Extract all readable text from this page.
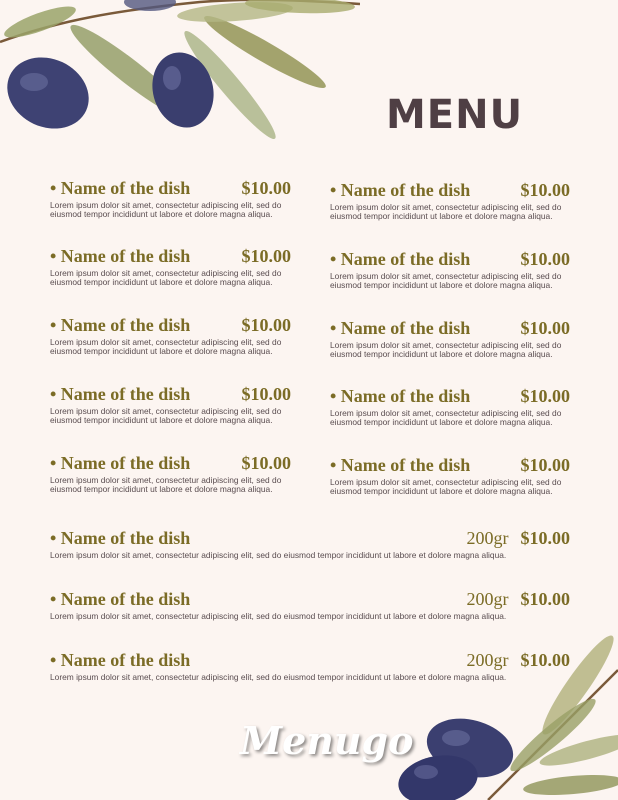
MENU
• Name of the dish	$10.00
Lorem ipsum dolor sit amet, consectetur adipiscing elit, sed do eiusmod tempor incididunt ut labore et dolore magna aliqua.
• Name of the dish	$10.00
Lorem ipsum dolor sit amet, consectetur adipiscing elit, sed do eiusmod tempor incididunt ut labore et dolore magna aliqua.
• Name of the dish	$10.00
Lorem ipsum dolor sit amet, consectetur adipiscing elit, sed do eiusmod tempor incididunt ut labore et dolore magna aliqua.
• Name of the dish	$10.00
Lorem ipsum dolor sit amet, consectetur adipiscing elit, sed do eiusmod tempor incididunt ut labore et dolore magna aliqua.
• Name of the dish	$10.00
Lorem ipsum dolor sit amet, consectetur adipiscing elit, sed do eiusmod tempor incididunt ut labore et dolore magna aliqua.
• Name of the dish	$10.00
Lorem ipsum dolor sit amet, consectetur adipiscing elit, sed do eiusmod tempor incididunt ut labore et dolore magna aliqua.
• Name of the dish	$10.00
Lorem ipsum dolor sit amet, consectetur adipiscing elit, sed do eiusmod tempor incididunt ut labore et dolore magna aliqua.
• Name of the dish	$10.00
Lorem ipsum dolor sit amet, consectetur adipiscing elit, sed do eiusmod tempor incididunt ut labore et dolore magna aliqua.
• Name of the dish	$10.00
Lorem ipsum dolor sit amet, consectetur adipiscing elit, sed do eiusmod tempor incididunt ut labore et dolore magna aliqua.
• Name of the dish	$10.00
Lorem ipsum dolor sit amet, consectetur adipiscing elit, sed do eiusmod tempor incididunt ut labore et dolore magna aliqua.
• Name of the dish	200gr $10.00
Lorem ipsum dolor sit amet, consectetur adipiscing elit, sed do eiusmod tempor incididunt ut labore et dolore magna aliqua.
• Name of the dish	200gr $10.00
Lorem ipsum dolor sit amet, consectetur adipiscing elit, sed do eiusmod tempor incididunt ut labore et dolore magna aliqua.
• Name of the dish	200gr $10.00
Lorem ipsum dolor sit amet, consectetur adipiscing elit, sed do eiusmod tempor incididunt ut labore et dolore magna aliqua.
Menugo
